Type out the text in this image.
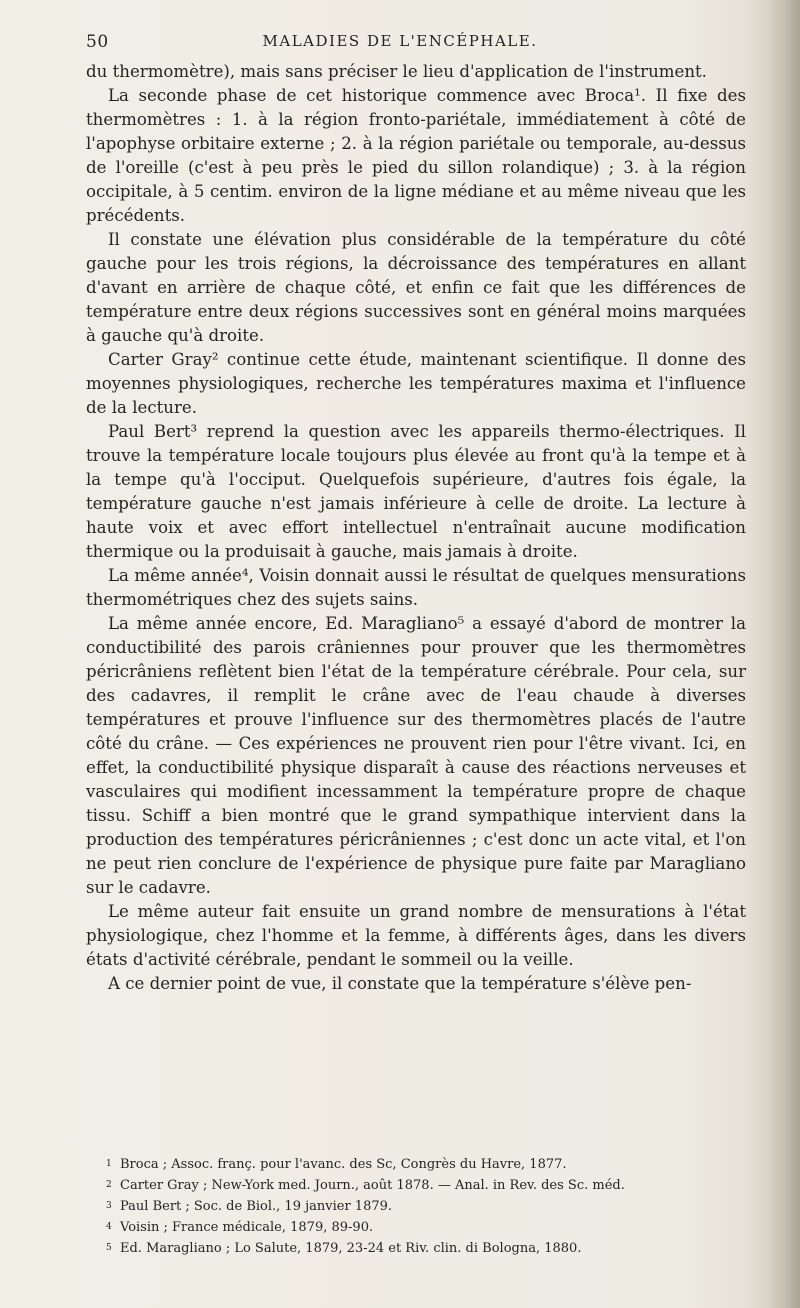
50	MALADIES DE L'ENCÉPHALE.

du thermomètre), mais sans préciser le lieu d'application de l'instrument.

La seconde phase de cet historique commence avec Broca¹. Il fixe des thermomètres : 1. à la région fronto-pariétale, immédiatement à côté de l'apophyse orbitaire externe ; 2. à la région pariétale ou temporale, au-dessus de l'oreille (c'est à peu près le pied du sillon rolandique) ; 3. à la région occipitale, à 5 centim. environ de la ligne médiane et au même niveau que les précédents.

Il constate une élévation plus considérable de la température du côté gauche pour les trois régions, la décroissance des températures en allant d'avant en arrière de chaque côté, et enfin ce fait que les différences de température entre deux régions successives sont en général moins marquées à gauche qu'à droite.

Carter Gray² continue cette étude, maintenant scientifique. Il donne des moyennes physiologiques, recherche les températures maxima et l'influence de la lecture.

Paul Bert³ reprend la question avec les appareils thermo-électriques. Il trouve la température locale toujours plus élevée au front qu'à la tempe et à la tempe qu'à l'occiput. Quelquefois supérieure, d'autres fois égale, la température gauche n'est jamais inférieure à celle de droite. La lecture à haute voix et avec effort intellectuel n'entraînait aucune modification thermique ou la produisait à gauche, mais jamais à droite.

La même année⁴, Voisin donnait aussi le résultat de quelques mensurations thermométriques chez des sujets sains.

La même année encore, Ed. Maragliano⁵ a essayé d'abord de montrer la conductibilité des parois crâniennes pour prouver que les thermomètres péricrâniens reflètent bien l'état de la température cérébrale. Pour cela, sur des cadavres, il remplit le crâne avec de l'eau chaude à diverses températures et prouve l'influence sur des thermomètres placés de l'autre côté du crâne. — Ces expériences ne prouvent rien pour l'être vivant. Ici, en effet, la conductibilité physique disparaît à cause des réactions nerveuses et vasculaires qui modifient incessamment la température propre de chaque tissu. Schiff a bien montré que le grand sympathique intervient dans la production des températures péricrâniennes ; c'est donc un acte vital, et l'on ne peut rien conclure de l'expérience de physique pure faite par Maragliano sur le cadavre.

Le même auteur fait ensuite un grand nombre de mensurations à l'état physiologique, chez l'homme et la femme, à différents âges, dans les divers états d'activité cérébrale, pendant le sommeil ou la veille.

A ce dernier point de vue, il constate que la température s'élève pen-

1 Broca ; Assoc. franç. pour l'avanc. des Sc, Congrès du Havre, 1877.
2 Carter Gray ; New-York med. Journ., août 1878. — Anal. in Rev. des Sc. méd.
3 Paul Bert ; Soc. de Biol., 19 janvier 1879.
4 Voisin ; France médicale, 1879, 89-90.
5 Ed. Maragliano ; Lo Salute, 1879, 23-24 et Riv. clin. di Bologna, 1880.
